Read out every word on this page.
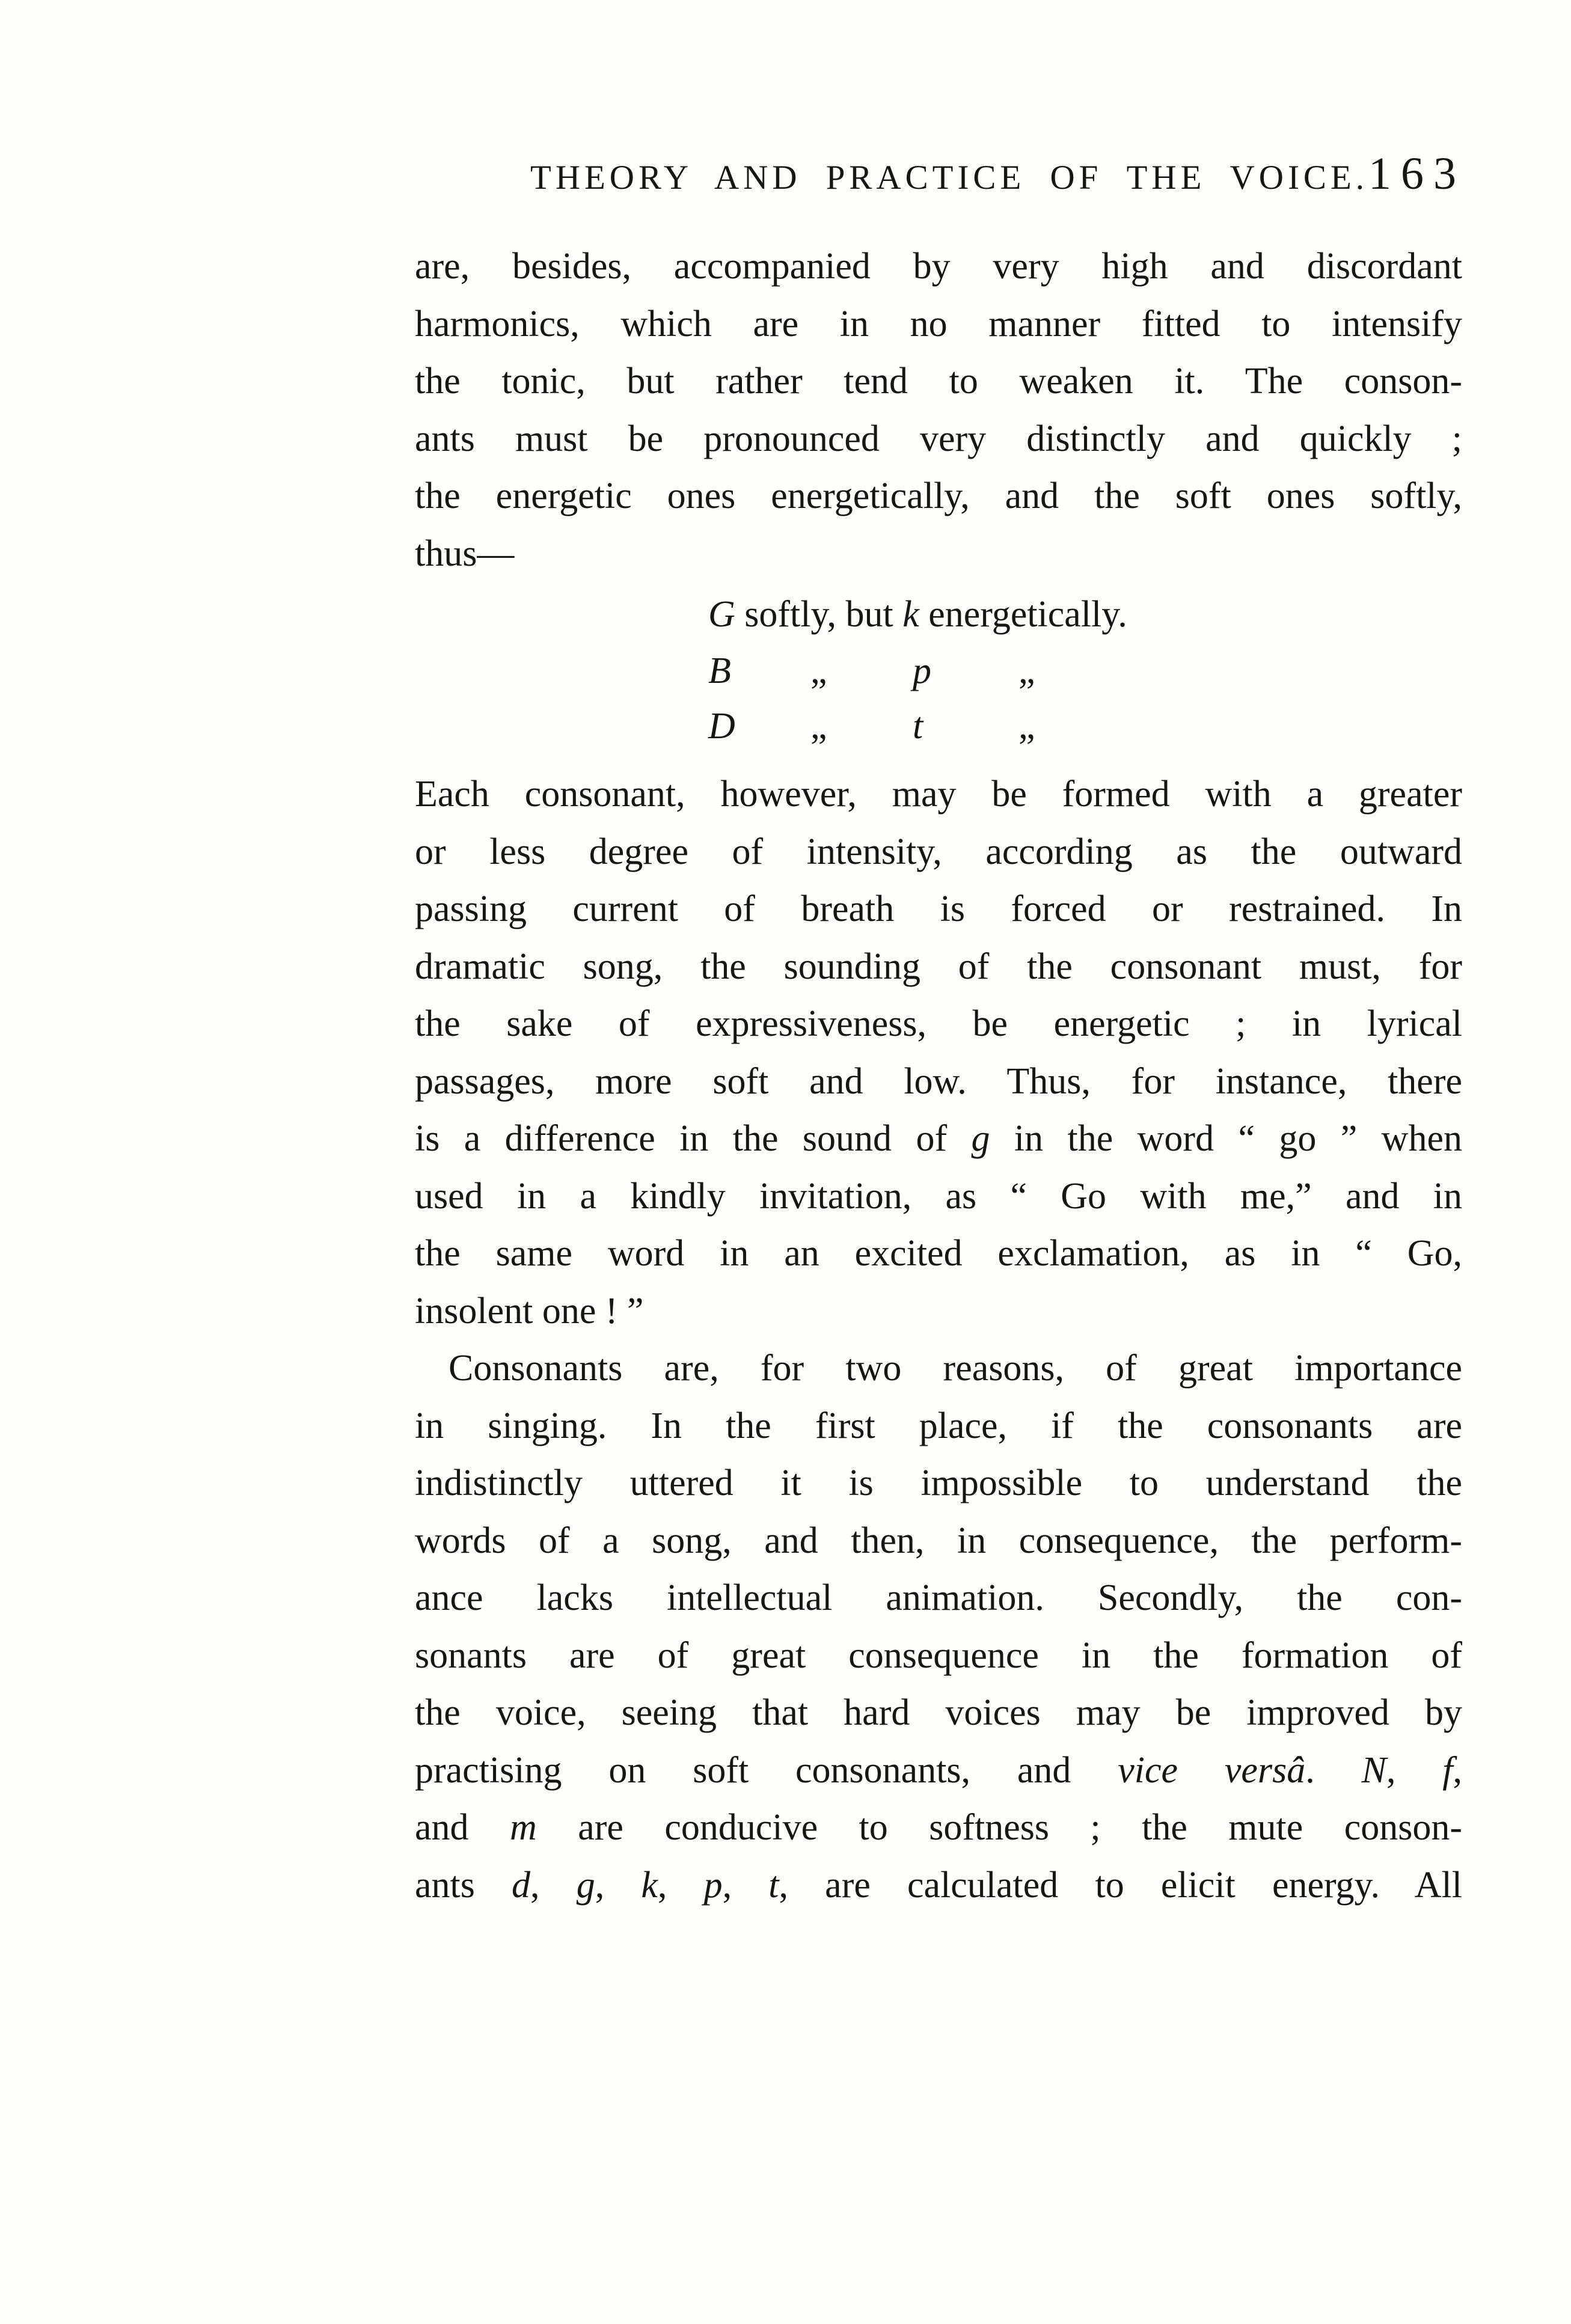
THEORY AND PRACTICE OF THE VOICE. 163
are, besides, accompanied by very high and discordant
harmonics, which are in no manner fitted to intensify
the tonic, but rather tend to weaken it. The conson-
ants must be pronounced very distinctly and quickly ;
the energetic ones energetically, and the soft ones softly,
thus—
G softly, but k energetically.
B	„	p	„
D	„	t	„
Each consonant, however, may be formed with a greater
or less degree of intensity, according as the outward
passing current of breath is forced or restrained. In
dramatic song, the sounding of the consonant must, for
the sake of expressiveness, be energetic ; in lyrical
passages, more soft and low. Thus, for instance, there
is a difference in the sound of g in the word “ go ” when
used in a kindly invitation, as “ Go with me,” and in
the same word in an excited exclamation, as in “ Go,
insolent one ! ”
Consonants are, for two reasons, of great importance
in singing. In the first place, if the consonants are
indistinctly uttered it is impossible to understand the
words of a song, and then, in consequence, the perform-
ance lacks intellectual animation. Secondly, the con-
sonants are of great consequence in the formation of
the voice, seeing that hard voices may be improved by
practising on soft consonants, and vice versâ. N, f,
and m are conducive to softness ; the mute conson-
ants d, g, k, p, t, are calculated to elicit energy. All
